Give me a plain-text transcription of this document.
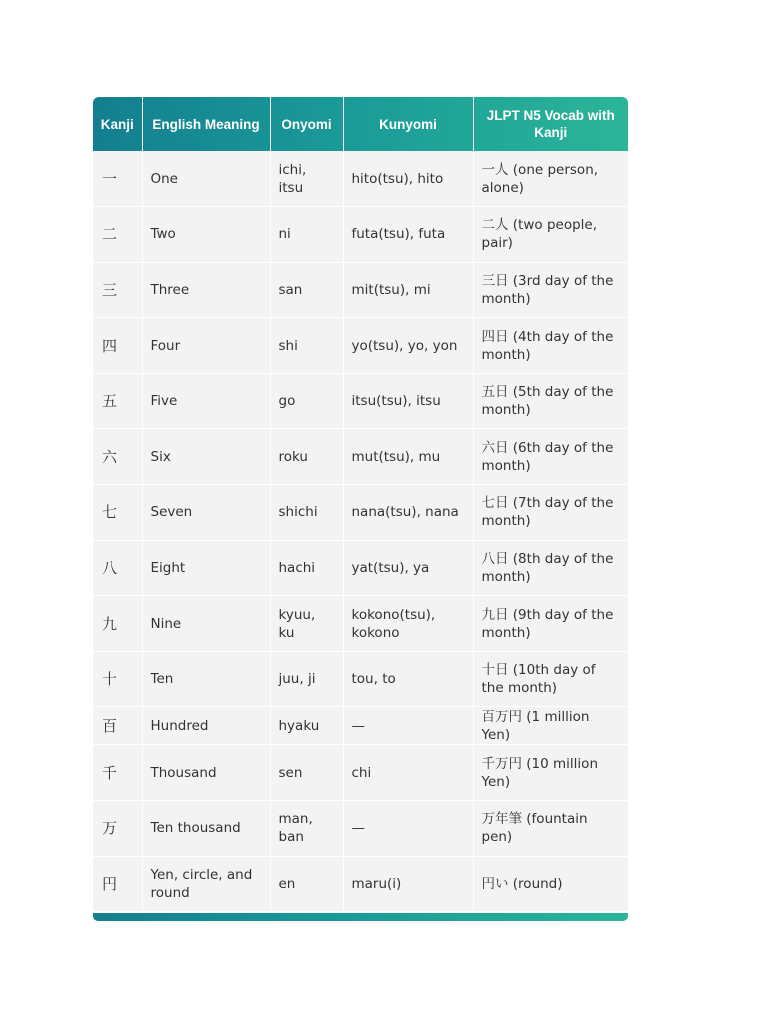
Kanji	English Meaning	Onyomi	Kunyomi	JLPT N5 Vocab with Kanji
一	One	ichi, itsu	hito(tsu), hito	一人 (one person, alone)
二	Two	ni	futa(tsu), futa	二人 (two people, pair)
三	Three	san	mit(tsu), mi	三日 (3rd day of the month)
四	Four	shi	yo(tsu), yo, yon	四日 (4th day of the month)
五	Five	go	itsu(tsu), itsu	五日 (5th day of the month)
六	Six	roku	mut(tsu), mu	六日 (6th day of the month)
七	Seven	shichi	nana(tsu), nana	七日 (7th day of the month)
八	Eight	hachi	yat(tsu), ya	八日 (8th day of the month)
九	Nine	kyuu, ku	kokono(tsu), kokono	九日 (9th day of the month)
十	Ten	juu, ji	tou, to	十日 (10th day of the month)
百	Hundred	hyaku	—	百万円 (1 million Yen)
千	Thousand	sen	chi	千万円 (10 million Yen)
万	Ten thousand	man, ban	—	万年筆 (fountain pen)
円	Yen, circle, and round	en	maru(i)	円い (round)
